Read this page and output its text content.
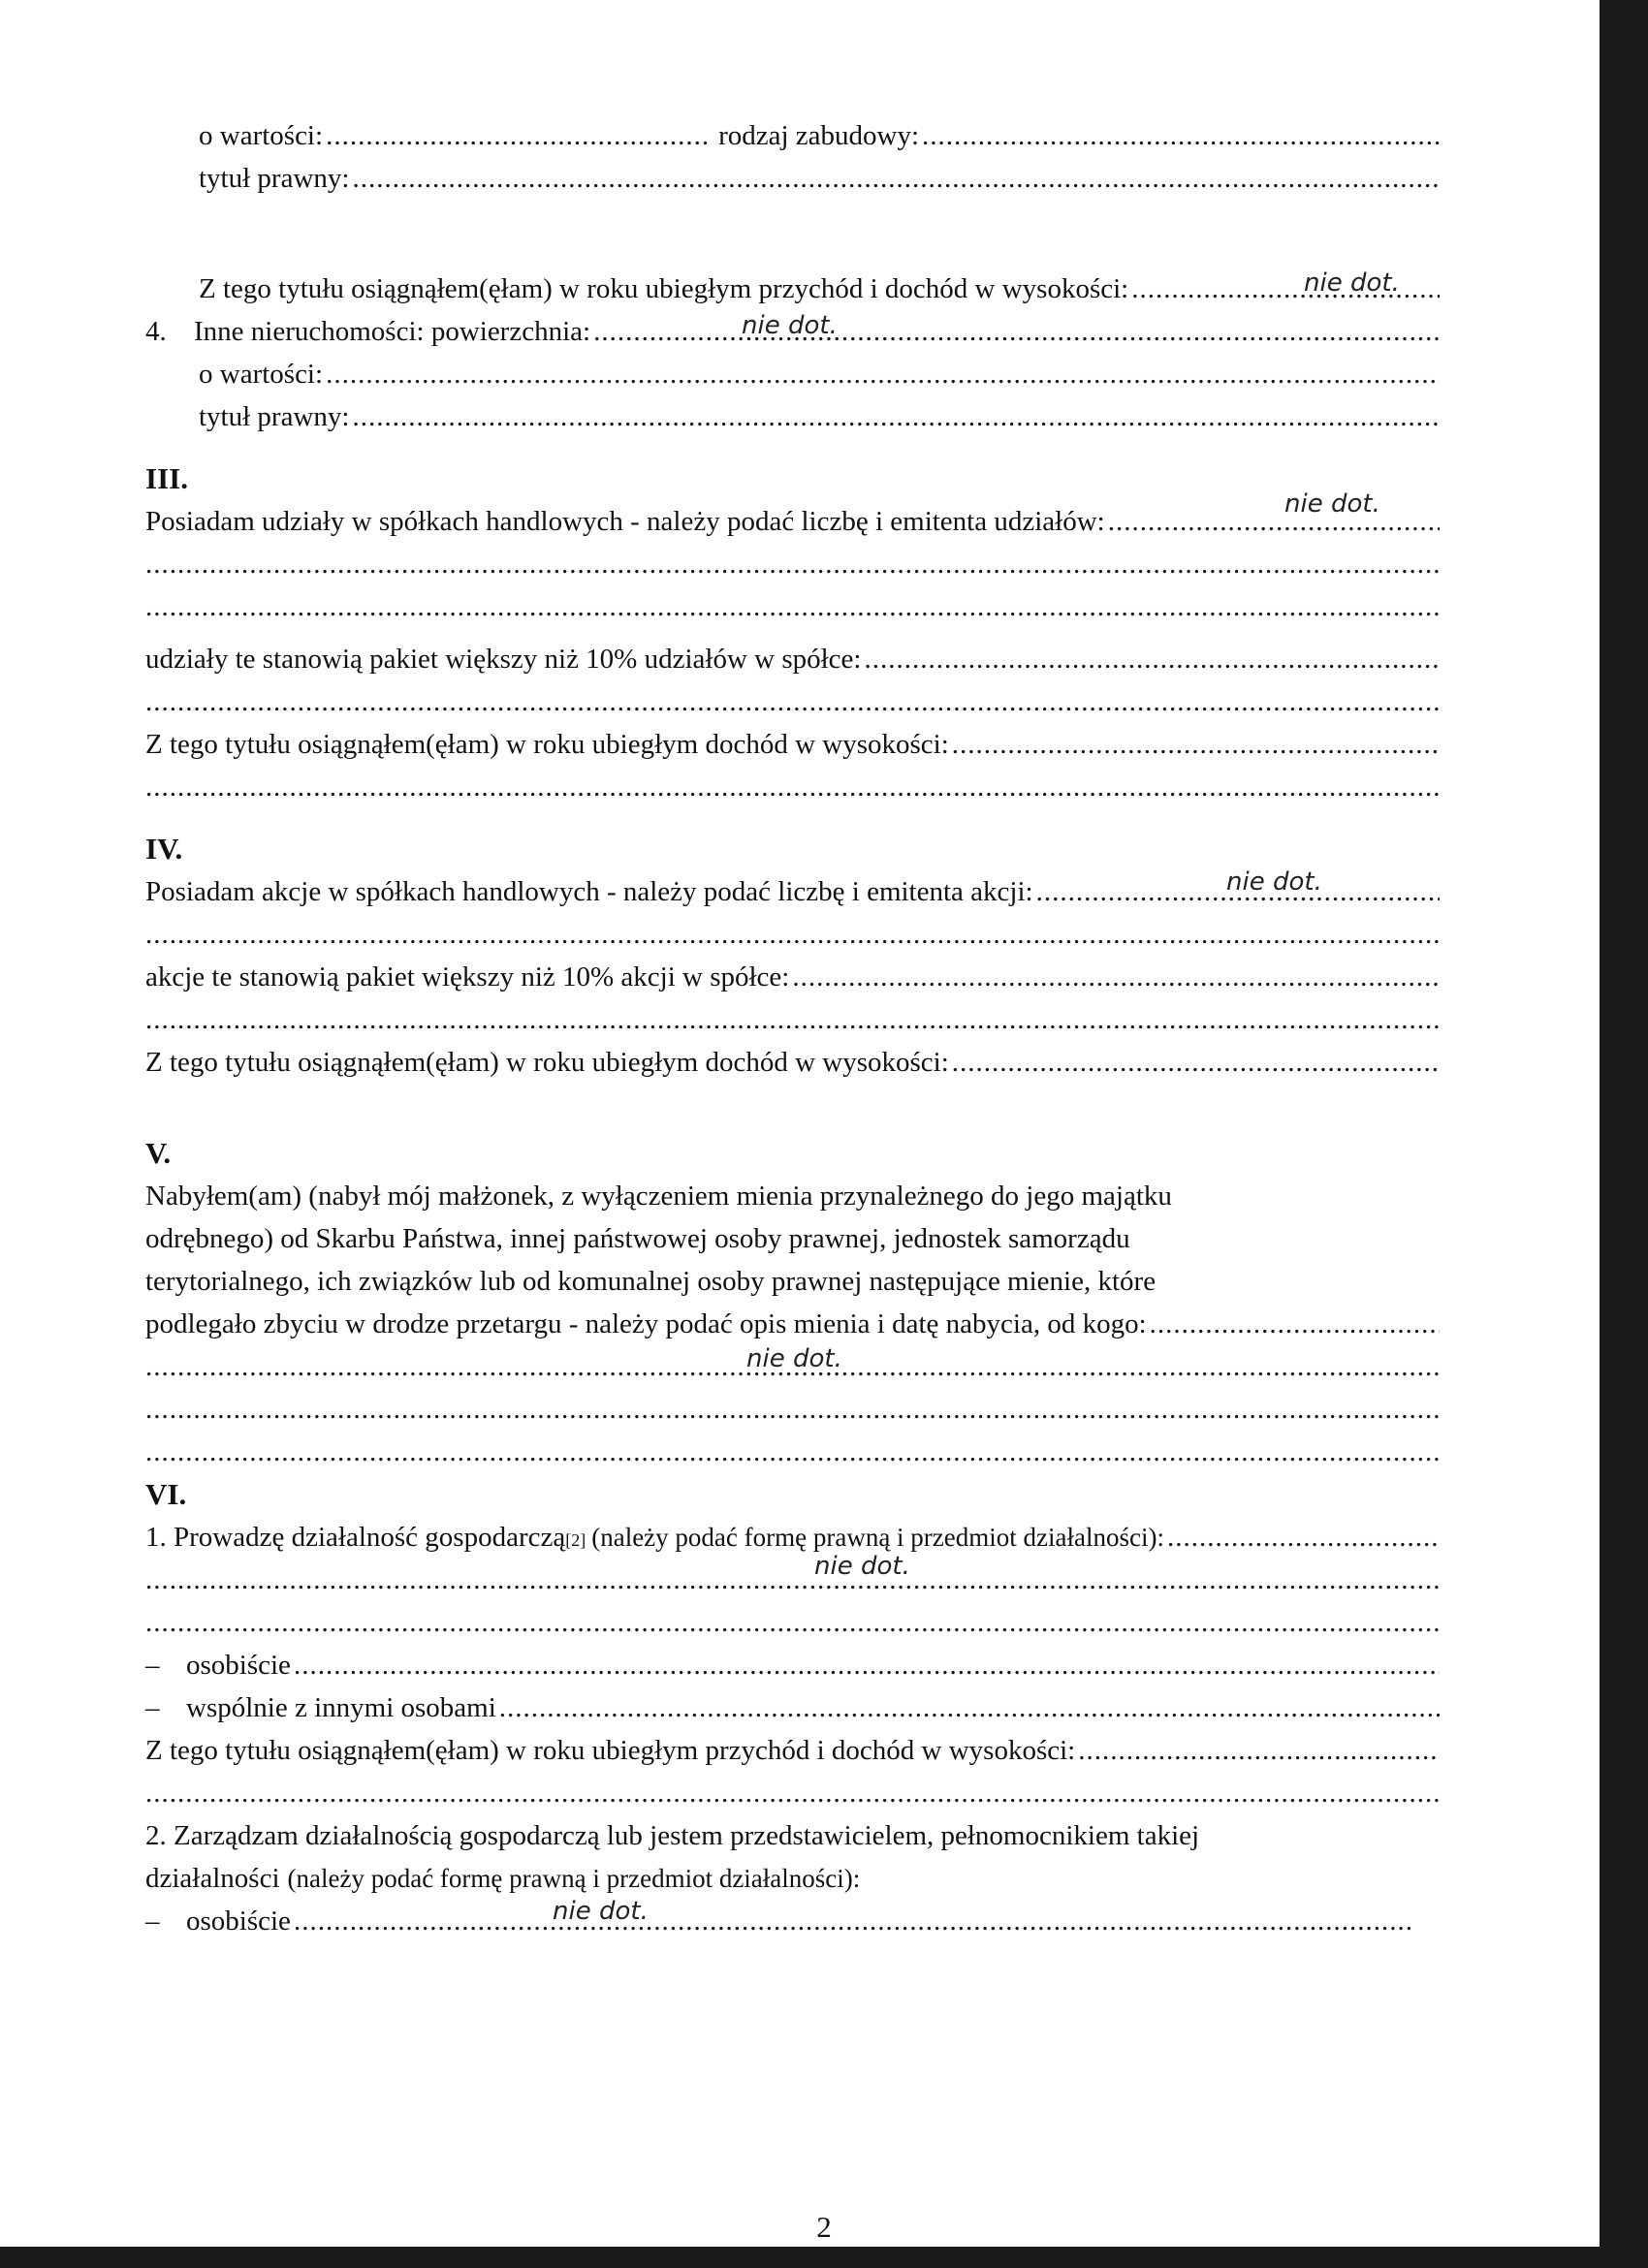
o wartości: .....	rodzaj zabudowy:
.....
tytuł prawny:
.....
Z tego tytułu osiągnąłem(ęłam) w roku ubiegłym przychód i dochód w wysokości: .....	nie dot.
4. Inne nieruchomości: powierzchnia: .....	nie dot.
o wartości:
.....
tytuł prawny:
.....
III.
Posiadam udziały w spółkach handlowych - należy podać liczbę i emitenta udziałów:
.....
nie dot.
.....
.....
udziały te stanowią pakiet większy niż 10% udziałów w spółce:
.....
.....
Z tego tytułu osiągnąłem(ęłam) w roku ubiegłym dochód w wysokości:
.....
.....
IV.
Posiadam akcje w spółkach handlowych - należy podać liczbę i emitenta akcji: .....	nie dot.
.....
akcje te stanowią pakiet większy niż 10% akcji w spółce:
.....
.....
Z tego tytułu osiągnąłem(ęłam) w roku ubiegłym dochód w wysokości:
.....
V.
Nabyłem(am) (nabył mój małżonek, z wyłączeniem mienia przynależnego do jego majątku
odrębnego) od Skarbu Państwa, innej państwowej osoby prawnej, jednostek samorządu
terytorialnego, ich związków lub od komunalnej osoby prawnej następujące mienie, które
podlegało zbyciu w drodze przetargu - należy podać opis mienia i datę nabycia, od kogo:
.....
.....
nie dot.
.....
.....
VI.
1. Prowadzę działalność gospodarczą [2] (należy podać formę prawną i przedmiot działalności):
.....
.....
nie dot.
.....
– osobiście
.....
– wspólnie z innymi osobami
.....
Z tego tytułu osiągnąłem(ęłam) w roku ubiegłym przychód i dochód w wysokości:
.....
.....
2. Zarządzam działalnością gospodarczą lub jestem przedstawicielem, pełnomocnikiem takiej
działalności (należy podać formę prawną i przedmiot działalności):
– osobiście .....	nie dot.
2
